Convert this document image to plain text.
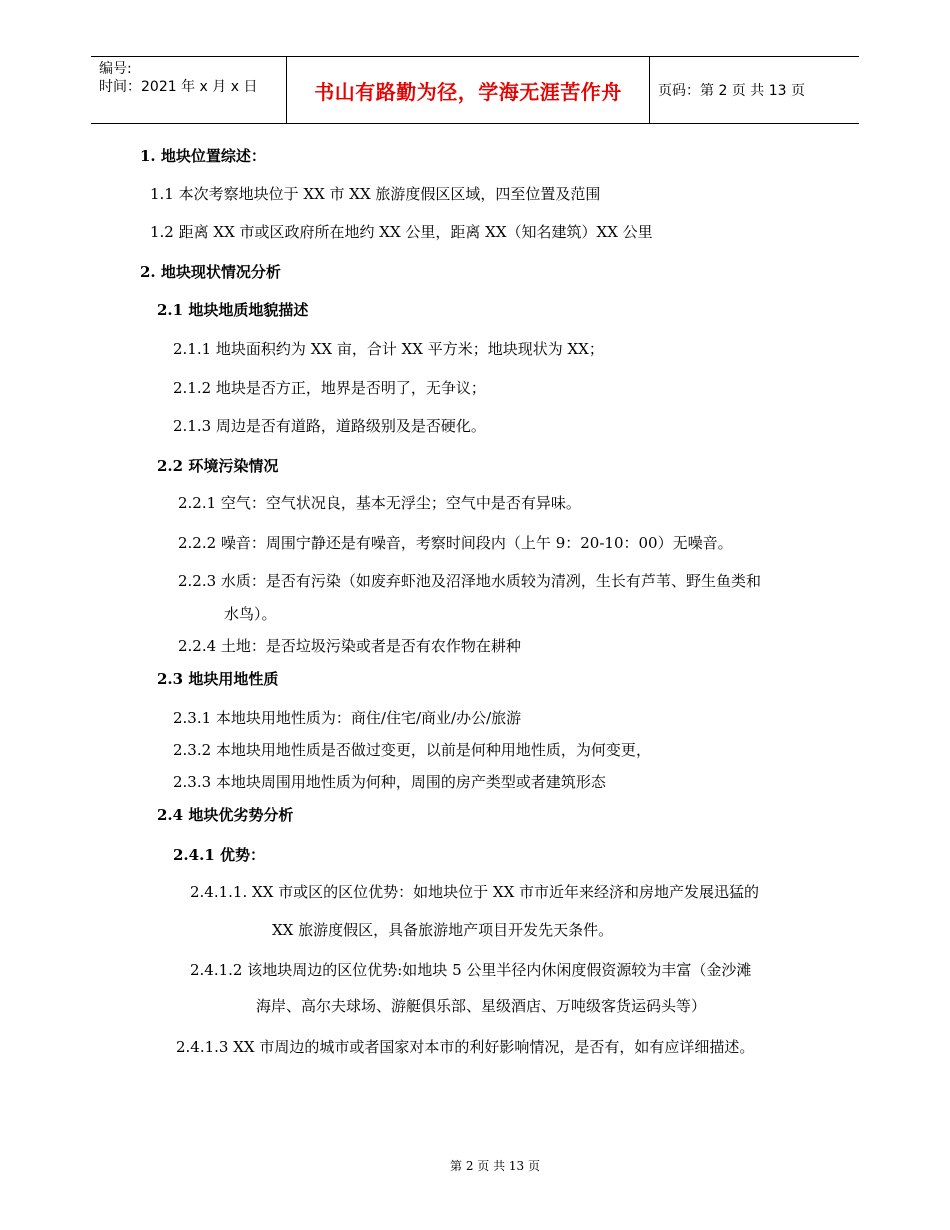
编号:
时间：2021 年 x 月 x 日	书山有路勤为径，学海无涯苦作舟	页码：第 2 页 共 13 页
1. 地块位置综述：
1.1 本次考察地块位于 XX 市 XX 旅游度假区区域，四至位置及范围
1.2 距离 XX 市或区政府所在地约 XX 公里，距离 XX（知名建筑）XX 公里
2. 地块现状情况分析
2.1 地块地质地貌描述
2.1.1 地块面积约为 XX 亩，合计 XX 平方米；地块现状为 XX；
2.1.2 地块是否方正，地界是否明了，无争议；
2.1.3 周边是否有道路，道路级别及是否硬化。
2.2 环境污染情况
2.2.1 空气：空气状况良，基本无浮尘；空气中是否有异味。
2.2.2 噪音：周围宁静还是有噪音，考察时间段内（上午 9：20-10：00）无噪音。
2.2.3 水质：是否有污染（如废弃虾池及沼泽地水质较为清冽，生长有芦苇、野生鱼类和
水鸟）。
2.2.4 土地：是否垃圾污染或者是否有农作物在耕种
2.3 地块用地性质
2.3.1 本地块用地性质为：商住/住宅/商业/办公/旅游
2.3.2 本地块用地性质是否做过变更，以前是何种用地性质，为何变更，
2.3.3 本地块周围用地性质为何种，周围的房产类型或者建筑形态
2.4 地块优劣势分析
2.4.1 优势：
2.4.1.1. XX 市或区的区位优势：如地块位于 XX 市市近年来经济和房地产发展迅猛的
XX 旅游度假区，具备旅游地产项目开发先天条件。
2.4.1.2 该地块周边的区位优势:如地块 5 公里半径内休闲度假资源较为丰富（金沙滩
海岸、高尔夫球场、游艇俱乐部、星级酒店、万吨级客货运码头等）
2.4.1.3 XX 市周边的城市或者国家对本市的利好影响情况，是否有，如有应详细描述。
第 2 页 共 13 页
